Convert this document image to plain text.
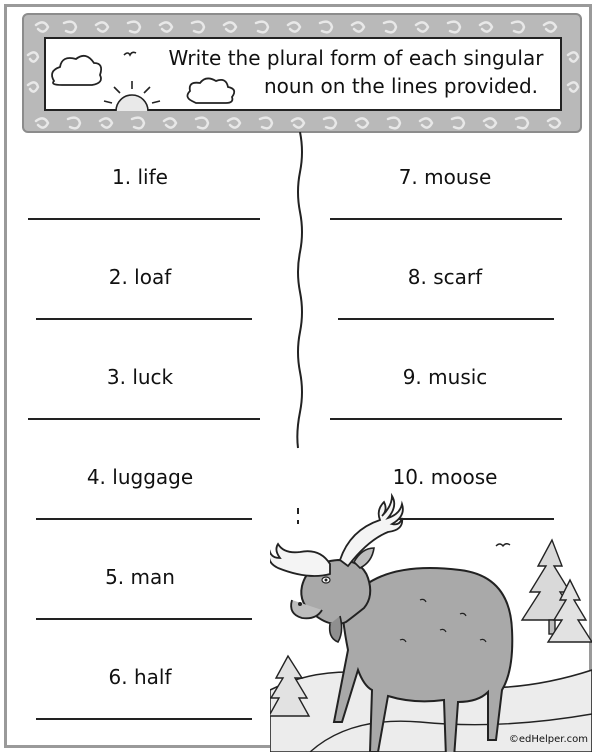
Write the plural form of each singular
noun on the lines provided.
1. life
2. loaf
3. luck
4. luggage
5. man
6. half
7. mouse
8. scarf
9. music
10. moose
©edHelper.com
